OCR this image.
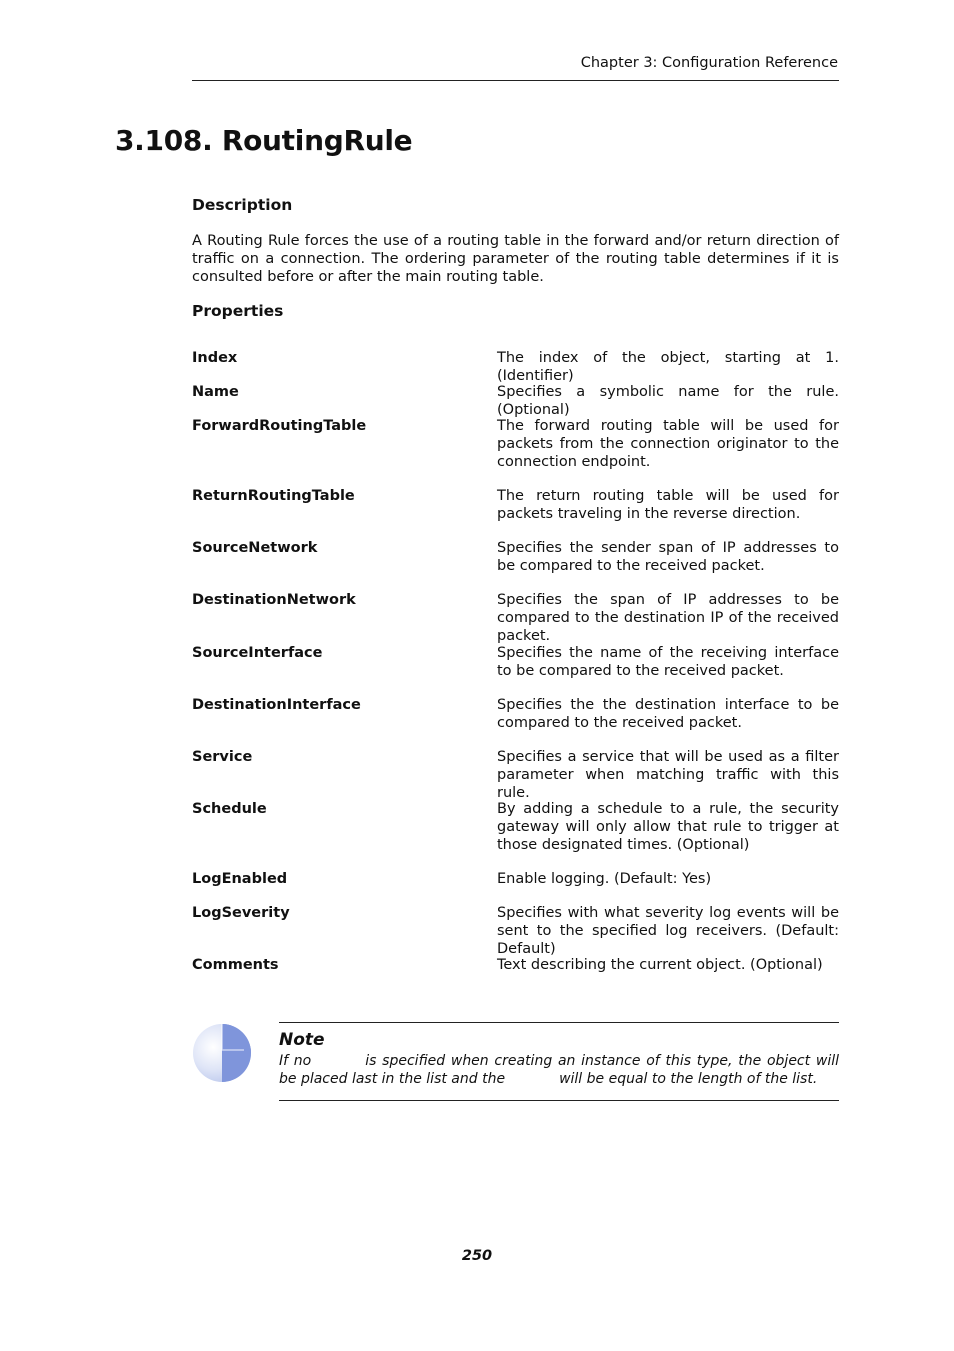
Chapter 3: Configuration Reference
3.108. RoutingRule
Description

A Routing Rule forces the use of a routing table in the forward and/or return direction of traffic on a connection. The ordering parameter of the routing table determines if it is consulted before or after the main routing table.

Properties
Index	The index of the object, starting at 1. (Identifier)
Name	Specifies a symbolic name for the rule. (Optional)
ForwardRoutingTable	The forward routing table will be used for packets from the connection originator to the connection endpoint.
ReturnRoutingTable	The return routing table will be used for packets traveling in the reverse direction.
SourceNetwork	Specifies the sender span of IP addresses to be compared to the received packet.
DestinationNetwork	Specifies the span of IP addresses to be compared to the destination IP of the received packet.
SourceInterface	Specifies the name of the receiving interface to be compared to the received packet.
DestinationInterface	Specifies the the destination interface to be compared to the received packet.
Service	Specifies a service that will be used as a filter parameter when matching traffic with this rule.
Schedule	By adding a schedule to a rule, the security gateway will only allow that rule to trigger at those designated times. (Optional)
LogEnabled	Enable logging. (Default: Yes)
LogSeverity	Specifies with what severity log events will be sent to the specified log receivers. (Default: Default)
Comments	Text describing the current object. (Optional)
Note

If no	is specified when creating an instance of this type, the object will be placed last in the list and the	will be equal to the length of the list.

250
